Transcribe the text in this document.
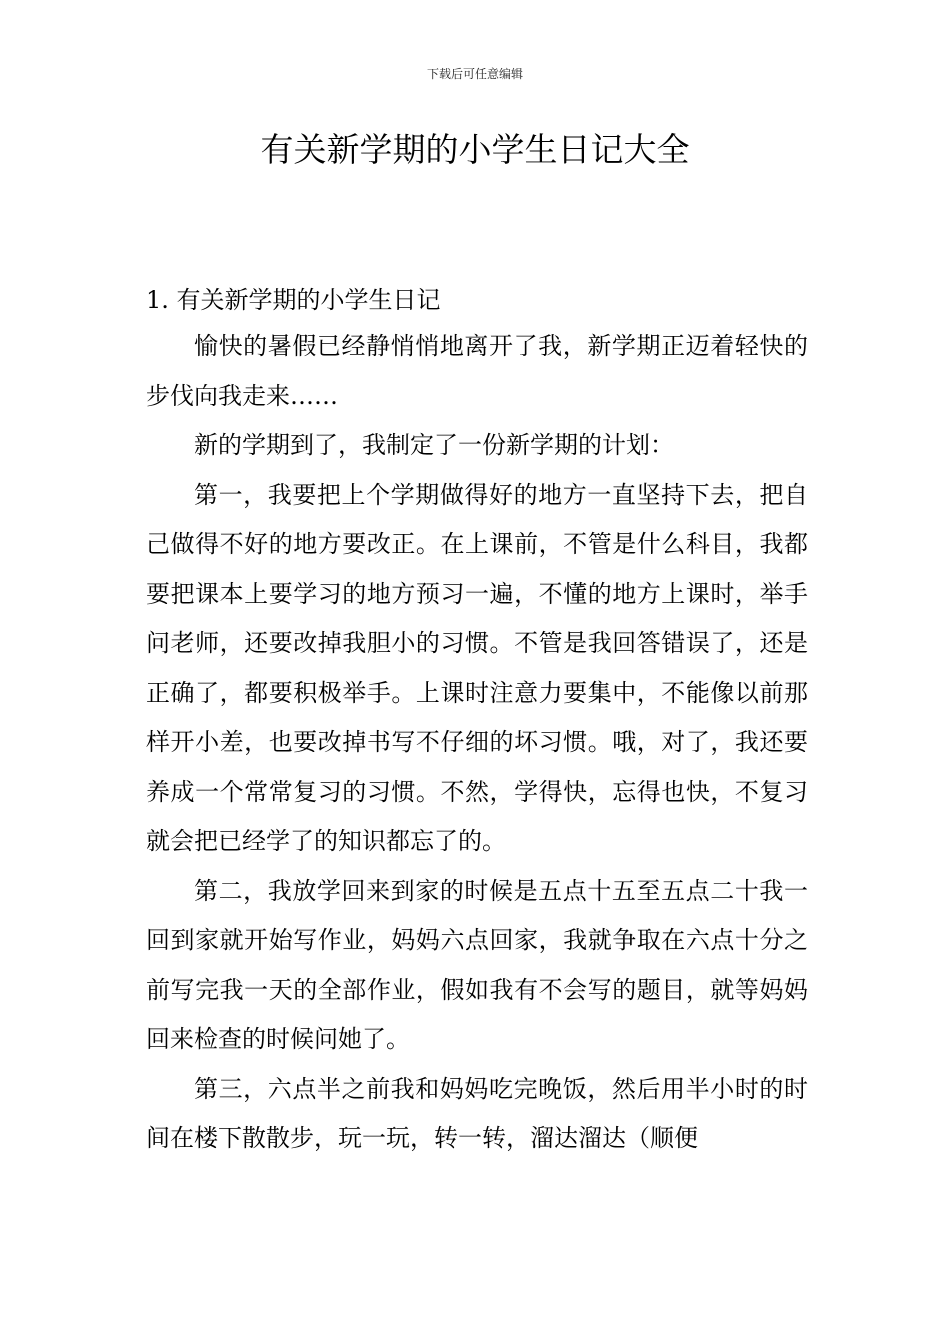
下载后可任意编辑
有关新学期的小学生日记大全
1. 有关新学期的小学生日记

愉快的暑假已经静悄悄地离开了我，新学期正迈着轻快的步伐向我走来……

新的学期到了，我制定了一份新学期的计划：

第一，我要把上个学期做得好的地方一直坚持下去，把自己做得不好的地方要改正。在上课前，不管是什么科目，我都要把课本上要学习的地方预习一遍，不懂的地方上课时，举手问老师，还要改掉我胆小的习惯。不管是我回答错误了，还是正确了，都要积极举手。上课时注意力要集中，不能像以前那样开小差，也要改掉书写不仔细的坏习惯。哦，对了，我还要养成一个常常复习的习惯。不然，学得快，忘得也快，不复习就会把已经学了的知识都忘了的。

第二，我放学回来到家的时候是五点十五至五点二十我一回到家就开始写作业，妈妈六点回家，我就争取在六点十分之前写完我一天的全部作业，假如我有不会写的题目，就等妈妈回来检查的时候问她了。

第三，六点半之前我和妈妈吃完晚饭，然后用半小时的时间在楼下散散步，玩一玩，转一转，溜达溜达（顺便
